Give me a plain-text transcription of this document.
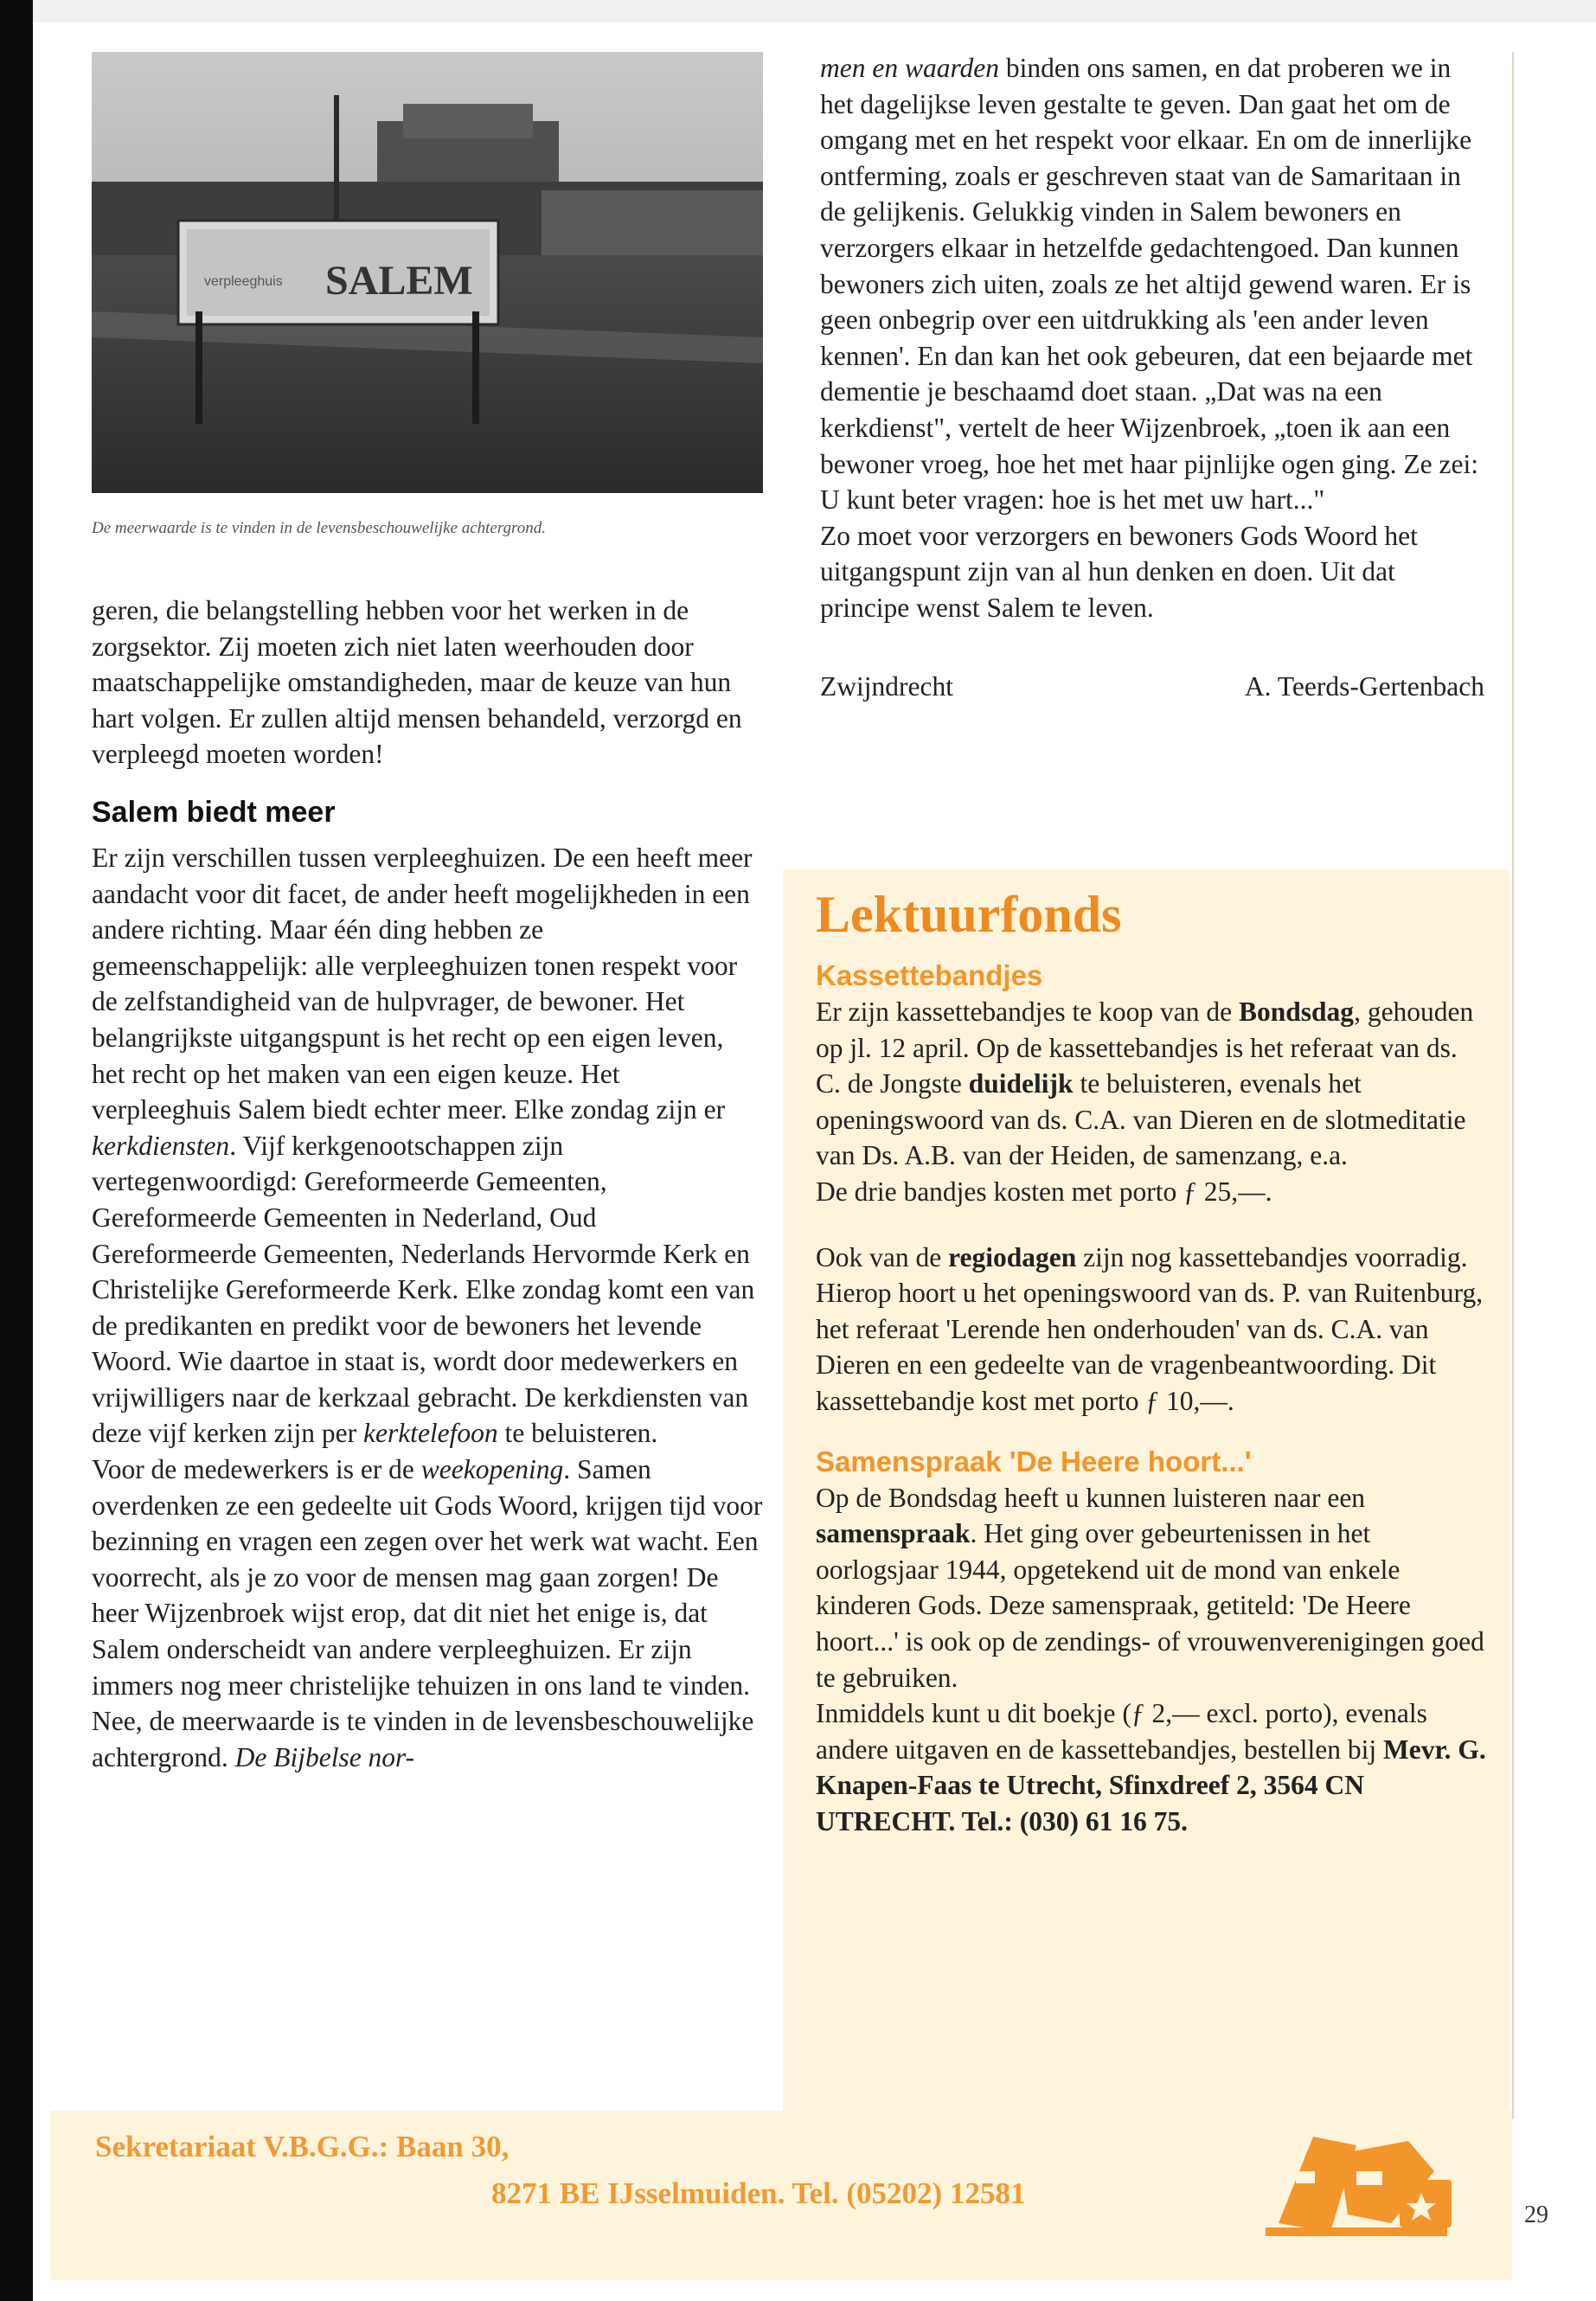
verpleeghuis SALEM
De meerwaarde is te vinden in de levensbeschouwelijke achtergrond.

geren, die belangstelling hebben voor het werken in de zorgsektor. Zij moeten zich niet laten weerhouden door maatschappelijke omstandigheden, maar de keuze van hun hart volgen. Er zullen altijd mensen behandeld, verzorgd en verpleegd moeten worden!

Salem biedt meer

Er zijn verschillen tussen verpleeghuizen. De een heeft meer aandacht voor dit facet, de ander heeft mogelijkheden in een andere richting. Maar één ding hebben ze gemeenschappelijk: alle verpleeghuizen tonen respekt voor de zelfstandigheid van de hulpvrager, de bewoner. Het belangrijkste uitgangspunt is het recht op een eigen leven, het recht op het maken van een eigen keuze. Het verpleeghuis Salem biedt echter meer. Elke zondag zijn er kerkdiensten. Vijf kerkgenootschappen zijn vertegenwoordigd: Gereformeerde Gemeenten, Gereformeerde Gemeenten in Nederland, Oud Gereformeerde Gemeenten, Nederlands Hervormde Kerk en Christelijke Gereformeerde Kerk. Elke zondag komt een van de predikanten en predikt voor de bewoners het levende Woord. Wie daartoe in staat is, wordt door medewerkers en vrijwilligers naar de kerkzaal gebracht. De kerkdiensten van deze vijf kerken zijn per kerktelefoon te beluisteren.

Voor de medewerkers is er de weekopening. Samen overdenken ze een gedeelte uit Gods Woord, krijgen tijd voor bezinning en vragen een zegen over het werk wat wacht. Een voorrecht, als je zo voor de mensen mag gaan zorgen! De heer Wijzenbroek wijst erop, dat dit niet het enige is, dat Salem onderscheidt van andere verpleeghuizen. Er zijn immers nog meer christelijke tehuizen in ons land te vinden. Nee, de meerwaarde is te vinden in de levensbeschouwelijke achtergrond. De Bijbelse nor-

men en waarden binden ons samen, en dat proberen we in het dagelijkse leven gestalte te geven. Dan gaat het om de omgang met en het respekt voor elkaar. En om de innerlijke ontferming, zoals er geschreven staat van de Samaritaan in de gelijkenis. Gelukkig vinden in Salem bewoners en verzorgers elkaar in hetzelfde gedachtengoed. Dan kunnen bewoners zich uiten, zoals ze het altijd gewend waren. Er is geen onbegrip over een uitdrukking als 'een ander leven kennen'. En dan kan het ook gebeuren, dat een bejaarde met dementie je beschaamd doet staan. „Dat was na een kerkdienst", vertelt de heer Wijzenbroek, „toen ik aan een bewoner vroeg, hoe het met haar pijnlijke ogen ging. Ze zei: U kunt beter vragen: hoe is het met uw hart..."

Zo moet voor verzorgers en bewoners Gods Woord het uitgangspunt zijn van al hun denken en doen. Uit dat principe wenst Salem te leven.

Zwijndrecht	A. Teerds-Gertenbach
Lektuurfonds
Kassettebandjes

Er zijn kassettebandjes te koop van de Bondsdag, gehouden op jl. 12 april. Op de kassettebandjes is het referaat van ds. C. de Jongste duidelijk te beluisteren, evenals het openingswoord van ds. C.A. van Dieren en de slotmeditatie van Ds. A.B. van der Heiden, de samenzang, e.a.

De drie bandjes kosten met porto ƒ 25,—.

Ook van de regiodagen zijn nog kassettebandjes voorradig. Hierop hoort u het openingswoord van ds. P. van Ruitenburg, het referaat 'Lerende hen onderhouden' van ds. C.A. van Dieren en een gedeelte van de vragenbeantwoording. Dit kassettebandje kost met porto ƒ 10,—.

Samenspraak 'De Heere hoort...'

Op de Bondsdag heeft u kunnen luisteren naar een samenspraak. Het ging over gebeurtenissen in het oorlogsjaar 1944, opgetekend uit de mond van enkele kinderen Gods. Deze samenspraak, getiteld: 'De Heere hoort...' is ook op de zendings- of vrouwenverenigingen goed te gebruiken.

Inmiddels kunt u dit boekje (ƒ 2,— excl. porto), evenals andere uitgaven en de kassettebandjes, bestellen bij Mevr. G. Knapen-Faas te Utrecht, Sfinxdreef 2, 3564 CN UTRECHT. Tel.: (030) 61 16 75.

Sekretariaat V.B.G.G.: Baan 30,
8271 BE IJsselmuiden. Tel. (05202) 12581
29
